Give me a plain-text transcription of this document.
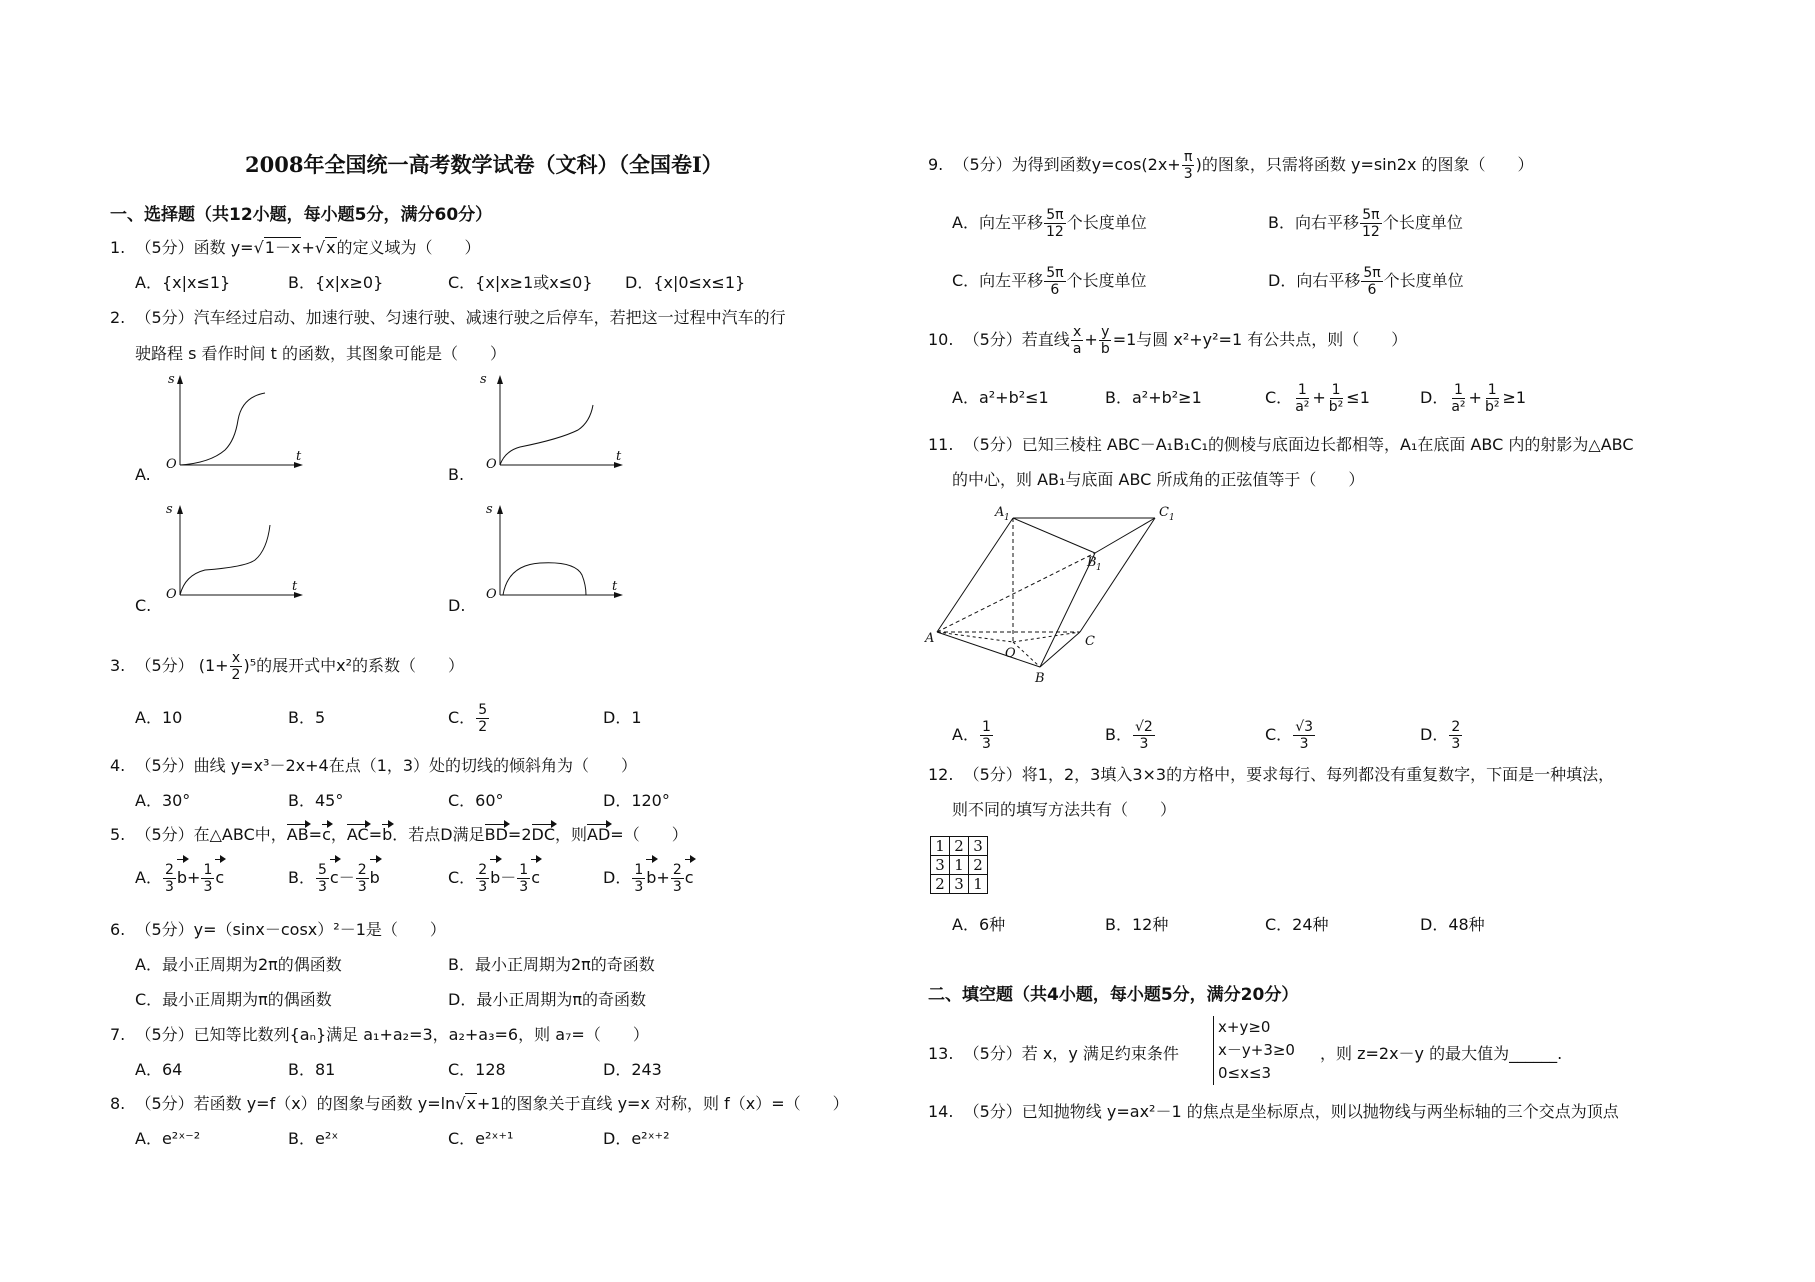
2008年全国统一高考数学试卷（文科）（全国卷I）
一、选择题（共12小题，每小题5分，满分60分）
1. （5分）函数 y=√1－x+√x的定义域为（　　）
A．{x|x≤1}	B．{x|x≥0}	C．{x|x≥1或x≤0} D．{x|0≤x≤1}
2. （5分）汽车经过启动、加速行驶、匀速行驶、减速行驶之后停车，若把这一过程中汽车的行
驶路程 s 看作时间 t 的函数，其图象可能是（　　）
A.	B.
C.	D.
s
t
O
s
t
O
s
t
O
s
t
O
3. （5分） $(1+ \frac{x}{2} )^5$的展开式中x²的系数（　　）
A．10	B．5	C． $\frac{5}{2}$	D．1
4. （5分）曲线 y=x³－2x+4在点（1，3）处的切线的倾斜角为（　　）
A．30°	B．45°	C．60°	D．120°
5. （5分）在△ABC中，AB=c，AC=b．若点D满足BD=2DC，则AD=（　　）
A． $\frac{2}{3} b+ \frac{1}{3}$ c	B． $\frac{5}{3} c- \frac{2}{3}$ b	C． $\frac{2}{3} b- \frac{1}{3}$ c	D． $\frac{1}{3} b+ \frac{2}{3}$ c
6. （5分）y=（sinx－cosx）²－1是（　　）
A．最小正周期为2π的偶函数	B．最小正周期为2π的奇函数
C．最小正周期为π的偶函数	D．最小正周期为π的奇函数
7. （5分）已知等比数列{aₙ}满足 a₁+a₂=3，a₂+a₃=6，则 a₇=（　　）
A．64	B．81	C．128	D．243
8. （5分）若函数 y=f（x）的图象与函数 y=ln√x+1的图象关于直线 y=x 对称，则 f（x）=（　　）
A．e²ˣ⁻²	B．e²ˣ	C．e²ˣ⁺¹	D．e²ˣ⁺²
9. （5分）为得到函数$y=\cos(2x+ \frac{\pi}{3}$ )的图象，只需将函数 y=sin2x 的图象（　　）
A．向左平移 $\frac{5\pi}{12}$ 个长度单位	B．向右平移 $\frac{5\pi}{12}$ 个长度单位
C．向左平移 $\frac{5\pi}{6}$ 个长度单位	D．向右平移 $\frac{5\pi}{6}$ 个长度单位
10. （5分）若直线 $\frac{x}{a} + \frac{y}{b} =1$与圆 x²+y²=1 有公共点，则（　　）
A．a²+b²≤1	B．a²+b²≥1	C． $\frac{1}{\text{a²}} + \frac{1}{\text{b²}} \le 1$	D． $\frac{1}{\text{a²}} + \frac{1}{\text{b²}} \ge 1$
11. （5分）已知三棱柱 ABC－A₁B₁C₁的侧棱与底面边长都相等，A₁在底面 ABC 内的射影为△ABC
的中心，则 AB₁与底面 ABC 所成角的正弦值等于（　　）
A 1	C 1
B 1
A	C
O
B
A． $\frac{1}{3}$	B． $\frac{√2}{3}$	C． $\frac{√3}{3}$	D． $\frac{2}{3}$
12. （5分）将1，2，3填入3×3的方格中，要求每行、每列都没有重复数字，下面是一种填法，
则不同的填写方法共有（　　）
1	2	3
3	1	2
2	3	1
A．6种	B．12种	C．24种	D．48种
二、填空题（共4小题，每小题5分，满分20分）
13. （5分）若 x，y 满足约束条件
x+y≥0
x－y+3≥0
0≤x≤3
，则 z=2x－y 的最大值为______.
14. （5分）已知抛物线 y=ax²－1 的焦点是坐标原点，则以抛物线与两坐标轴的三个交点为顶点
